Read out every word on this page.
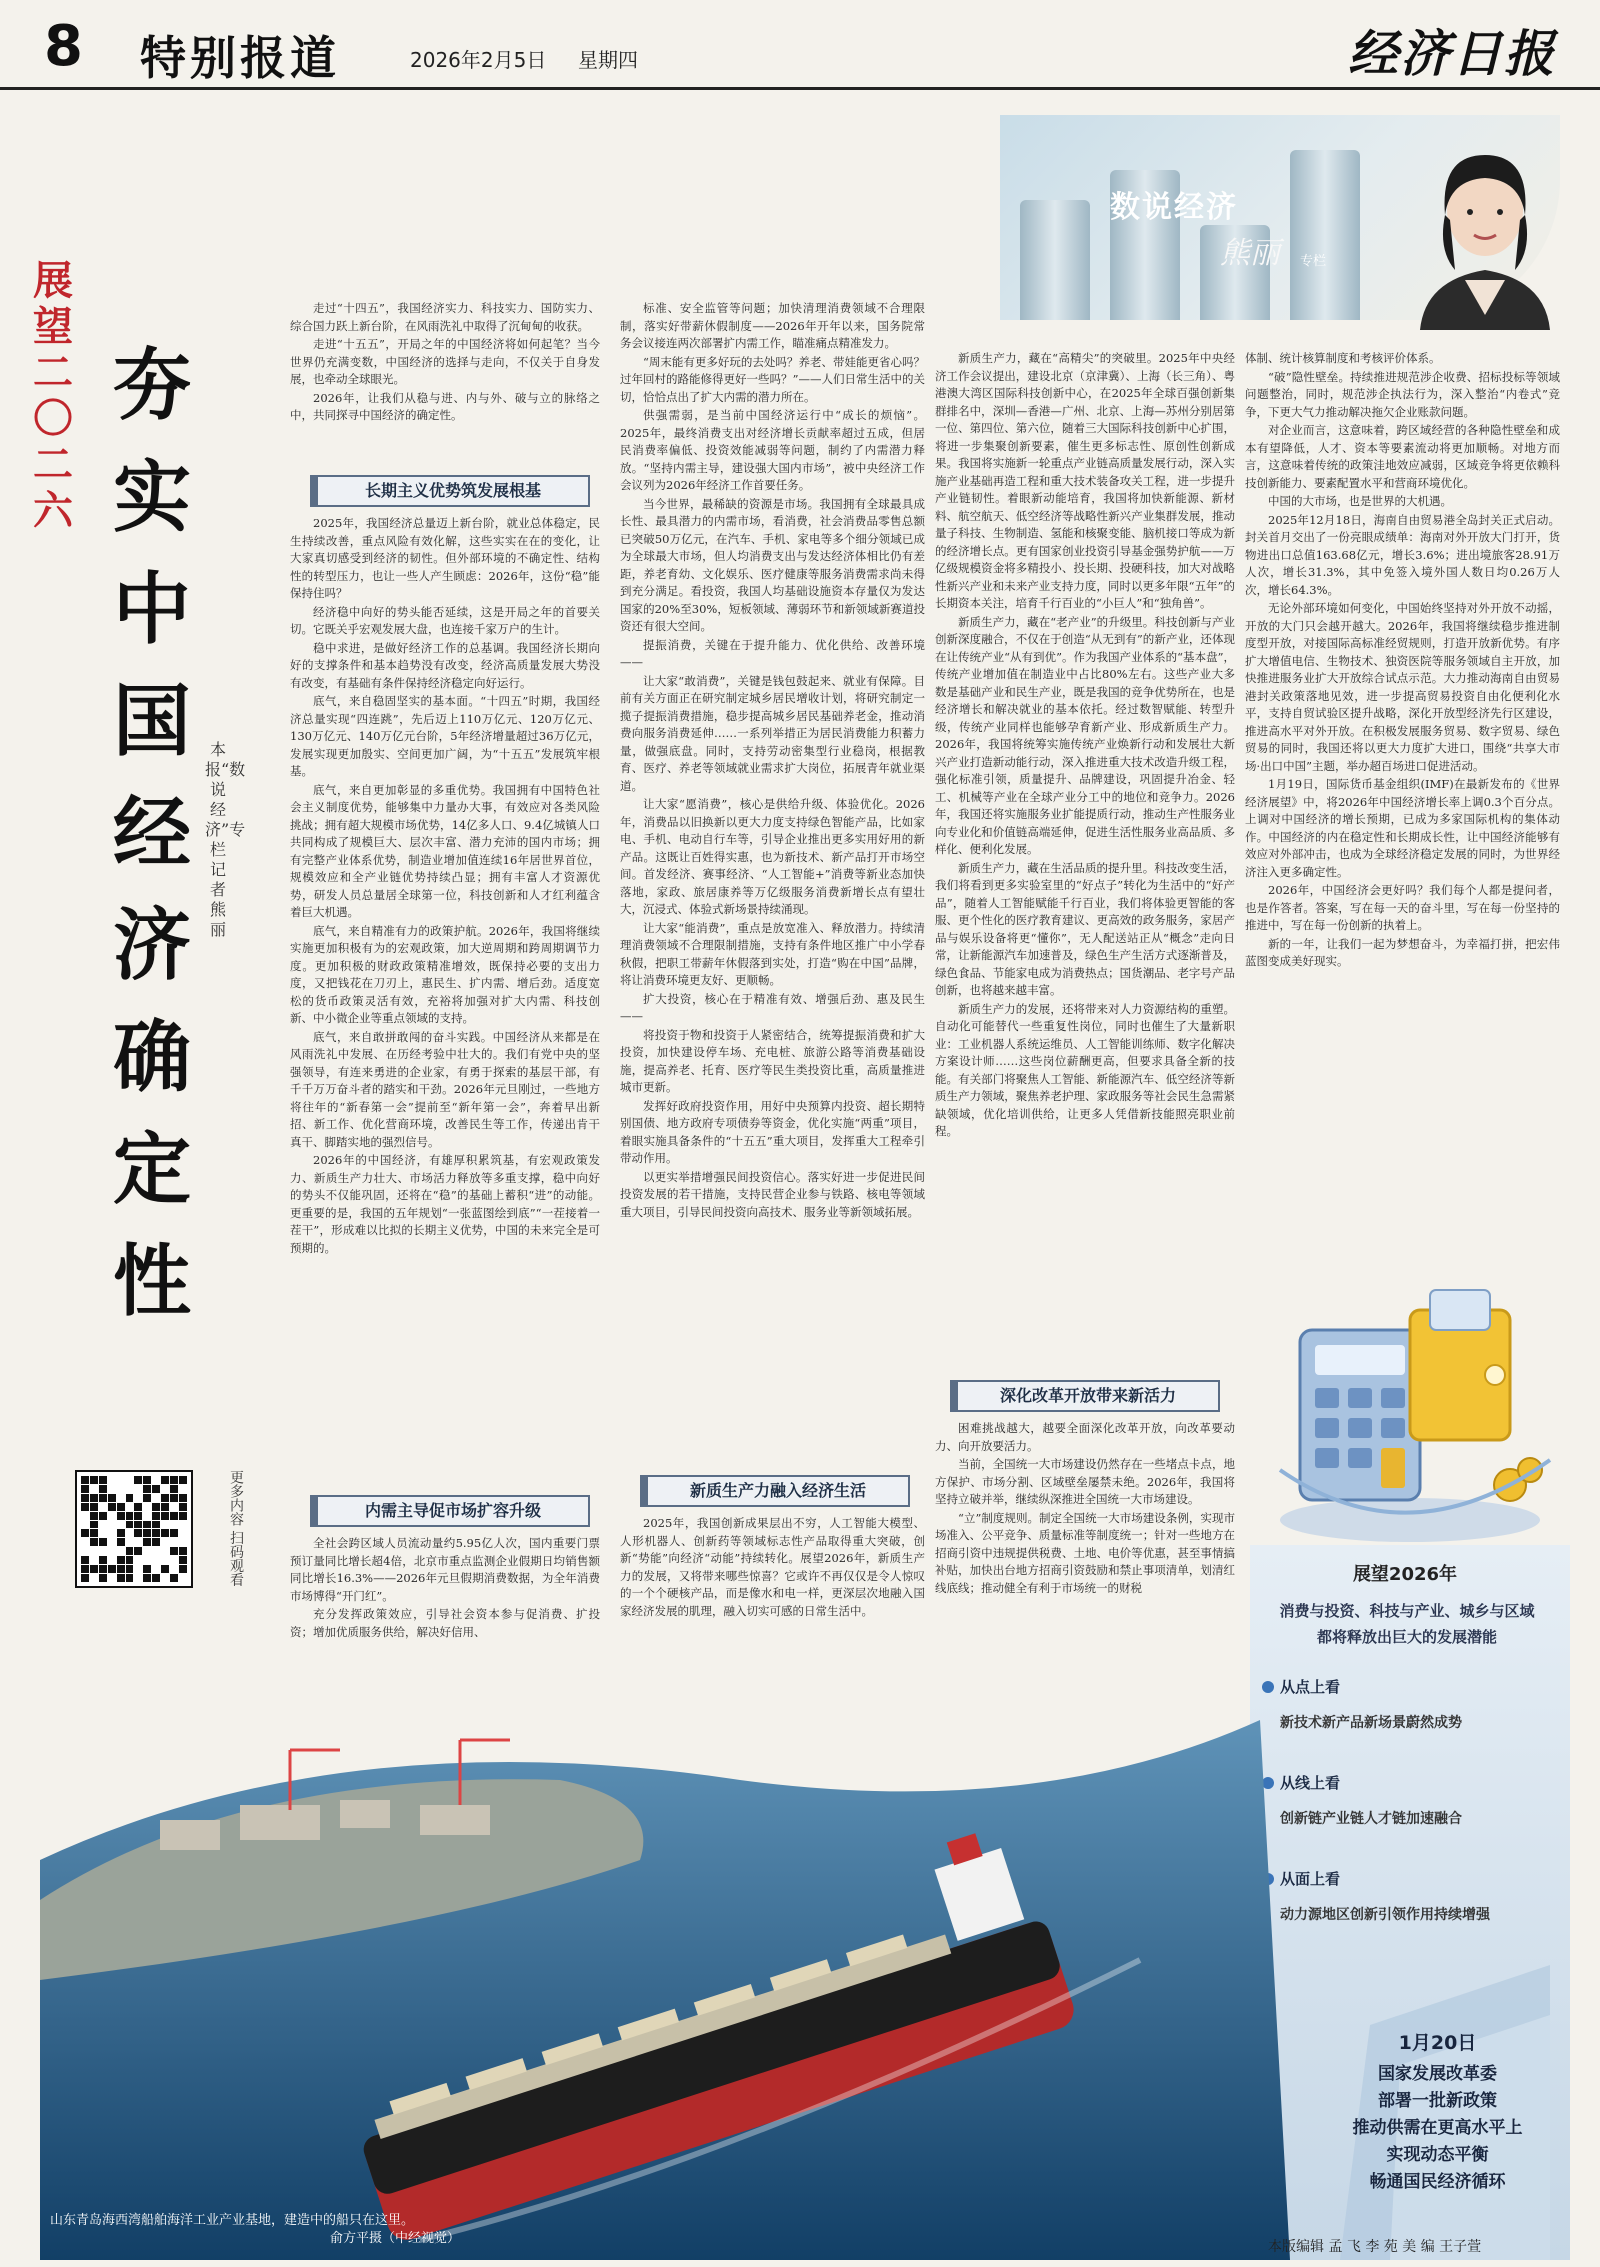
8 特别报道	2026年2月5日 星期四	经济日报
展望二〇二六
夯实中国经济确定性
本报“数说经济”专栏记者 熊 丽
更多内容 扫码观看
数说经济
熊丽 专栏

走过“十四五”，我国经济实力、科技实力、国防实力、综合国力跃上新台阶，在风雨洗礼中取得了沉甸甸的收获。

走进“十五五”，开局之年的中国经济将如何起笔？当今世界仍充满变数，中国经济的选择与走向，不仅关于自身发展，也牵动全球眼光。

2026年，让我们从稳与进、内与外、破与立的脉络之中，共同探寻中国经济的确定性。

长期主义优势筑发展根基

2025年，我国经济总量迈上新台阶，就业总体稳定，民生持续改善，重点风险有效化解，这些实实在在的变化，让大家真切感受到经济的韧性。但外部环境的不确定性、结构性的转型压力，也让一些人产生顾虑：2026年，这份“稳”能保持住吗？

经济稳中向好的势头能否延续，这是开局之年的首要关切。它既关乎宏观发展大盘，也连接千家万户的生计。

稳中求进，是做好经济工作的总基调。我国经济长期向好的支撑条件和基本趋势没有改变，经济高质量发展大势没有改变，有基础有条件保持经济稳定向好运行。

底气，来自稳固坚实的基本面。“十四五”时期，我国经济总量实现“四连跳”，先后迈上110万亿元、120万亿元、130万亿元、140万亿元台阶，5年经济增量超过36万亿元，发展实现更加殷实、空间更加广阔，为“十五五”发展筑牢根基。

底气，来自更加彰显的多重优势。我国拥有中国特色社会主义制度优势，能够集中力量办大事，有效应对各类风险挑战；拥有超大规模市场优势，14亿多人口、9.4亿城镇人口共同构成了规模巨大、层次丰富、潜力充沛的国内市场；拥有完整产业体系优势，制造业增加值连续16年居世界首位，规模效应和全产业链优势持续凸显；拥有丰富人才资源优势，研发人员总量居全球第一位，科技创新和人才红利蕴含着巨大机遇。

底气，来自精准有力的政策护航。2026年，我国将继续实施更加积极有为的宏观政策，加大逆周期和跨周期调节力度。更加积极的财政政策精准增效，既保持必要的支出力度，又把钱花在刀刃上，惠民生、扩内需、增后劲。适度宽松的货币政策灵活有效，充裕将加强对扩大内需、科技创新、中小微企业等重点领域的支持。

底气，来自敢拼敢闯的奋斗实践。中国经济从来都是在风雨洗礼中发展、在历经考验中壮大的。我们有党中央的坚强领导，有连来勇进的企业家，有勇于探索的基层干部，有千千万万奋斗者的踏实和干劲。2026年元旦刚过，一些地方将往年的“新春第一会”提前至“新年第一会”，奔着早出新招、新工作、优化营商环境，改善民生等工作，传递出肯干真干、脚踏实地的强烈信号。

2026年的中国经济，有雄厚积累筑基，有宏观政策发力、新质生产力壮大、市场活力释放等多重支撑，稳中向好的势头不仅能巩固，还将在“稳”的基础上蓄积“进”的动能。更重要的是，我国的五年规划“一张蓝图绘到底”“一茬接着一茬干”，形成难以比拟的长期主义优势，中国的未来完全是可预期的。

内需主导促市场扩容升级

全社会跨区域人员流动量约5.95亿人次，国内重要门票预订量同比增长超4倍，北京市重点监测企业假期日均销售额同比增长16.3%——2026年元旦假期消费数据，为全年消费市场博得“开门红”。

充分发挥政策效应，引导社会资本参与促消费、扩投资；增加优质服务供给，解决好信用、

标准、安全监管等问题；加快清理消费领域不合理限制，落实好带薪休假制度——2026年开年以来，国务院常务会议接连两次部署扩内需工作，瞄准痛点精准发力。

“周末能有更多好玩的去处吗？养老、带娃能更省心吗？过年回村的路能修得更好一些吗？”——人们日常生活中的关切，恰恰点出了扩大内需的潜力所在。

供强需弱，是当前中国经济运行中“成长的烦恼”。2025年，最终消费支出对经济增长贡献率超过五成，但居民消费率偏低、投资效能减弱等问题，制约了内需潜力释放。“坚持内需主导，建设强大国内市场”，被中央经济工作会议列为2026年经济工作首要任务。

当今世界，最稀缺的资源是市场。我国拥有全球最具成长性、最具潜力的内需市场，看消费，社会消费品零售总额已突破50万亿元，在汽车、手机、家电等多个细分领域已成为全球最大市场，但人均消费支出与发达经济体相比仍有差距，养老育幼、文化娱乐、医疗健康等服务消费需求尚未得到充分满足。看投资，我国人均基础设施资本存量仅为发达国家的20%至30%，短板领域、薄弱环节和新领域新赛道投资还有很大空间。

提振消费，关键在于提升能力、优化供给、改善环境——

让大家“敢消费”，关键是钱包鼓起来、就业有保障。目前有关方面正在研究制定城乡居民增收计划，将研究制定一揽子提振消费措施，稳步提高城乡居民基础养老金，推动消费向服务消费延伸……一系列举措正为居民消费能力积蓄力量，做强底盘。同时，支持劳动密集型行业稳岗，根据教育、医疗、养老等领域就业需求扩大岗位，拓展青年就业渠道。

让大家“愿消费”，核心是供给升级、体验优化。2026年，消费品以旧换新以更大力度支持绿色智能产品，比如家电、手机、电动自行车等，引导企业推出更多实用好用的新产品。这既让百姓得实惠，也为新技术、新产品打开市场空间。首发经济、赛事经济、“人工智能+”消费等新业态加快落地，家政、旅居康养等万亿级服务消费新增长点有望壮大，沉浸式、体验式新场景持续涌现。

让大家“能消费”，重点是放宽准入、释放潜力。持续清理消费领域不合理限制措施，支持有条件地区推广中小学春秋假，把职工带薪年休假落到实处，打造“购在中国”品牌，将让消费环境更友好、更顺畅。

扩大投资，核心在于精准有效、增强后劲、惠及民生——

将投资于物和投资于人紧密结合，统筹提振消费和扩大投资，加快建设停车场、充电桩、旅游公路等消费基础设施，提高养老、托育、医疗等民生类投资比重，高质量推进城市更新。

发挥好政府投资作用，用好中央预算内投资、超长期特别国债、地方政府专项债券等资金，优化实施“两重”项目，着眼实施具备条件的“十五五”重大项目，发挥重大工程牵引带动作用。

以更实举措增强民间投资信心。落实好进一步促进民间投资发展的若干措施，支持民营企业参与铁路、核电等领域重大项目，引导民间投资向高技术、服务业等新领域拓展。

新质生产力融入经济生活

2025年，我国创新成果层出不穷，人工智能大模型、人形机器人、创新药等领域标志性产品取得重大突破，创新“势能”向经济“动能”持续转化。展望2026年，新质生产力的发展，又将带来哪些惊喜？它或许不再仅仅是令人惊叹的一个个硬核产品，而是像水和电一样，更深层次地融入国家经济发展的肌理，融入切实可感的日常生活中。

新质生产力，藏在“高精尖”的突破里。2025年中央经济工作会议提出，建设北京（京津冀）、上海（长三角）、粤港澳大湾区国际科技创新中心，在2025年全球百强创新集群排名中，深圳—香港—广州、北京、上海—苏州分别居第一位、第四位、第六位，随着三大国际科技创新中心扩围，将进一步集聚创新要素，催生更多标志性、原创性创新成果。我国将实施新一轮重点产业链高质量发展行动，深入实施产业基础再造工程和重大技术装备攻关工程，进一步提升产业链韧性。着眼新动能培育，我国将加快新能源、新材料、航空航天、低空经济等战略性新兴产业集群发展，推动量子科技、生物制造、氢能和核聚变能、脑机接口等成为新的经济增长点。更有国家创业投资引导基金强势护航——万亿级规模资金将多精投小、投长期、投硬科技，加大对战略性新兴产业和未来产业支持力度，同时以更多年限“五年”的长期资本关注，培育千行百业的“小巨人”和“独角兽”。

新质生产力，藏在“老产业”的升级里。科技创新与产业创新深度融合，不仅在于创造“从无到有”的新产业，还体现在让传统产业“从有到优”。作为我国产业体系的“基本盘”，传统产业增加值在制造业中占比80%左右。这些产业大多数是基础产业和民生产业，既是我国的竞争优势所在，也是经济增长和解决就业的基本依托。经过数智赋能、转型升级，传统产业同样也能够孕育新产业、形成新质生产力。2026年，我国将统筹实施传统产业焕新行动和发展壮大新兴产业打造新动能行动，深入推进重大技术改造升级工程，强化标准引领，质量提升、品牌建设，巩固提升冶金、轻工、机械等产业在全球产业分工中的地位和竞争力。2026年，我国还将实施服务业扩能提质行动，推动生产性服务业向专业化和价值链高端延伸，促进生活性服务业高品质、多样化、便利化发展。

新质生产力，藏在生活品质的提升里。科技改变生活，我们将看到更多实验室里的“好点子”转化为生活中的“好产品”，随着人工智能赋能千行百业，我们将体验更智能的客服、更个性化的医疗教育建议、更高效的政务服务，家居产品与娱乐设备将更“懂你”，无人配送站正从“概念”走向日常，让新能源汽车加速普及，绿色生产生活方式逐渐普及，绿色食品、节能家电成为消费热点；国货潮品、老字号产品创新，也将越来越丰富。

新质生产力的发展，还将带来对人力资源结构的重塑。自动化可能替代一些重复性岗位，同时也催生了大量新职业：工业机器人系统运维员、人工智能训练师、数字化解决方案设计师……这些岗位薪酬更高，但要求具备全新的技能。有关部门将聚焦人工智能、新能源汽车、低空经济等新质生产力领域，聚焦养老护理、家政服务等社会民生急需紧缺领域，优化培训供给，让更多人凭借新技能照亮职业前程。

深化改革开放带来新活力

困难挑战越大，越要全面深化改革开放，向改革要动力、向开放要活力。

当前，全国统一大市场建设仍然存在一些堵点卡点，地方保护、市场分割、区域壁垒屡禁未绝。2026年，我国将坚持立破并举，继续纵深推进全国统一大市场建设。

“立”制度规则。制定全国统一大市场建设条例，实现市场准入、公平竞争、质量标准等制度统一；针对一些地方在招商引资中违规提供税费、土地、电价等优惠，甚至事情搞补贴，加快出台地方招商引资鼓励和禁止事项清单，划清红线底线；推动健全有利于市场统一的财税

体制、统计核算制度和考核评价体系。

“破”隐性壁垒。持续推进规范涉企收费、招标投标等领域问题整治，同时，规范涉企执法行为，深入整治“内卷式”竞争，下更大气力推动解决拖欠企业账款问题。

对企业而言，这意味着，跨区域经营的各种隐性壁垒和成本有望降低，人才、资本等要素流动将更加顺畅。对地方而言，这意味着传统的政策洼地效应减弱，区域竞争将更依赖科技创新能力、要素配置水平和营商环境优化。

中国的大市场，也是世界的大机遇。

2025年12月18日，海南自由贸易港全岛封关正式启动。封关首月交出了一份亮眼成绩单：海南对外开放大门打开，货物进出口总值163.68亿元，增长3.6%；进出境旅客28.91万人次，增长31.3%，其中免签入境外国人数日均0.26万人次，增长64.3%。

无论外部环境如何变化，中国始终坚持对外开放不动摇，开放的大门只会越开越大。2026年，我国将继续稳步推进制度型开放，对接国际高标准经贸规则，打造开放新优势。有序扩大增值电信、生物技术、独资医院等服务领域自主开放，加快推进服务业扩大开放综合试点示范。大力推动海南自由贸易港封关政策落地见效，进一步提高贸易投资自由化便利化水平，支持自贸试验区提升战略，深化开放型经济先行区建设，推进高水平对外开放。在积极发展服务贸易、数字贸易、绿色贸易的同时，我国还将以更大力度扩大进口，围绕“共享大市场·出口中国”主题，举办超百场进口促进活动。

1月19日，国际货币基金组织(IMF)在最新发布的《世界经济展望》中，将2026年中国经济增长率上调0.3个百分点。上调对中国经济的增长预期，已成为多家国际机构的集体动作。中国经济的内在稳定性和长期成长性，让中国经济能够有效应对外部冲击，也成为全球经济稳定发展的同时，为世界经济注入更多确定性。

2026年，中国经济会更好吗？我们每个人都是提问者，也是作答者。答案，写在每一天的奋斗里，写在每一份坚持的推进中，写在每一份创新的执着上。

新的一年，让我们一起为梦想奋斗，为幸福打拼，把宏伟蓝图变成美好现实。

展望2026年
消费与投资、科技与产业、城乡与区域
都将释放出巨大的发展潜能
从点上看
新技术新产品新场景蔚然成势
从线上看
创新链产业链人才链加速融合
从面上看
动力源地区创新引领作用持续增强
1月20日
国家发展改革委
部署一批新政策
推动供需在更高水平上
实现动态平衡
畅通国民经济循环
山东青岛海西湾船舶海洋工业产业基地，建造中的船只在这里。
俞方平摄（中经视觉）
本版编辑 孟 飞 李 苑 美 编 王子萱
